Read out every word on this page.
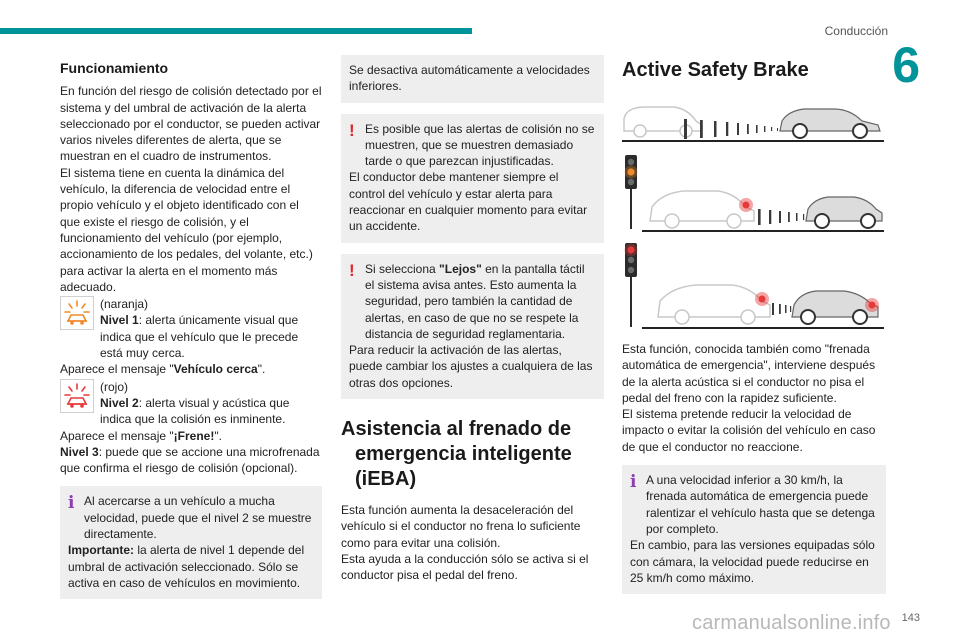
Conducción
6
Funcionamiento

En función del riesgo de colisión detectado por el sistema y del umbral de activación de la alerta seleccionado por el conductor, se pueden activar varios niveles diferentes de alerta, que se muestran en el cuadro de instrumentos.

El sistema tiene en cuenta la dinámica del vehículo, la diferencia de velocidad entre el propio vehículo y el objeto identificado con el que existe el riesgo de colisión, y el funcionamiento del vehículo (por ejemplo, accionamiento de los pedales, del volante, etc.) para activar la alerta en el momento más adecuado.

(naranja)
Nivel 1: alerta únicamente visual que indica que el vehículo que le precede está muy cerca.

Aparece el mensaje "Vehículo cerca".

(rojo)
Nivel 2: alerta visual y acústica que indica que la colisión es inminente.

Aparece el mensaje "¡Frene!".

Nivel 3: puede que se accione una microfrenada que confirma el riesgo de colisión (opcional).

i Al acercarse a un vehículo a mucha velocidad, puede que el nivel 2 se muestre directamente.

Importante: la alerta de nivel 1 depende del umbral de activación seleccionado. Sólo se activa en caso de vehículos en movimiento.

Se desactiva automáticamente a velocidades inferiores.

! Es posible que las alertas de colisión no se muestren, que se muestren demasiado tarde o que parezcan injustificadas.

El conductor debe mantener siempre el control del vehículo y estar alerta para reaccionar en cualquier momento para evitar un accidente.

! Si selecciona "Lejos" en la pantalla táctil el sistema avisa antes. Esto aumenta la seguridad, pero también la cantidad de alertas, en caso de que no se respete la distancia de seguridad reglamentaria.

Para reducir la activación de las alertas, puede cambiar los ajustes a cualquiera de las otras dos opciones.

Asistencia al frenado de emergencia inteligente (iEBA)

Esta función aumenta la desaceleración del vehículo si el conductor no frena lo suficiente como para evitar una colisión.

Esta ayuda a la conducción sólo se activa si el conductor pisa el pedal del freno.

Active Safety Brake

Esta función, conocida también como "frenada automática de emergencia", interviene después de la alerta acústica si el conductor no pisa el pedal del freno con la rapidez suficiente.

El sistema pretende reducir la velocidad de impacto o evitar la colisión del vehículo en caso de que el conductor no reaccione.

i A una velocidad inferior a 30 km/h, la frenada automática de emergencia puede ralentizar el vehículo hasta que se detenga por completo.

En cambio, para las versiones equipadas sólo con cámara, la velocidad puede reducirse en 25 km/h como máximo.

carmanualsonline.info 143
